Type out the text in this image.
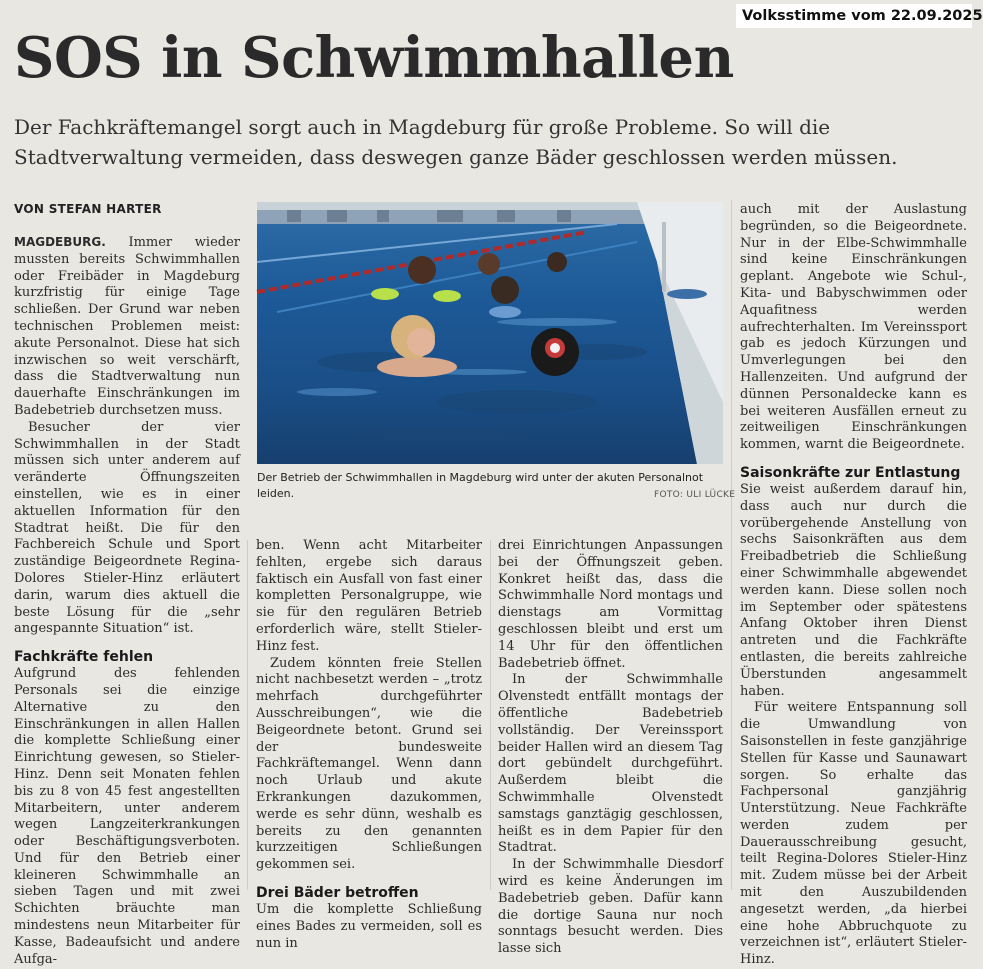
Volksstimme vom 22.09.2025
SOS in Schwimmhallen

Der Fachkräftemangel sorgt auch in Magdeburg für große Probleme. So will die Stadtverwaltung vermeiden, dass deswegen ganze Bäder geschlossen werden müssen.

VON STEFAN HARTER

MAGDEBURG. Immer wieder mussten bereits Schwimmhallen oder Freibäder in Magdeburg kurzfristig für einige Tage schließen. Der Grund war neben technischen Problemen meist: akute Personalnot. Diese hat sich inzwischen so weit verschärft, dass die Stadtverwaltung nun dauerhafte Einschränkungen im Badebetrieb durchsetzen muss.

Besucher der vier Schwimmhallen in der Stadt müssen sich unter anderem auf veränderte Öffnungszeiten einstellen, wie es in einer aktuellen Information für den Stadtrat heißt. Die für den Fachbereich Schule und Sport zuständige Beigeordnete Regina-Dolores Stieler-Hinz erläutert darin, warum dies aktuell die beste Lösung für die „sehr angespannte Situation“ ist.

Fachkräfte fehlen

Aufgrund des fehlenden Personals sei die einzige Alternative zu den Einschränkungen in allen Hallen die komplette Schließung einer Einrichtung gewesen, so Stieler-Hinz. Denn seit Monaten fehlen bis zu 8 von 45 fest angestellten Mitarbeitern, unter anderem wegen Langzeiterkrankungen oder Beschäftigungsverboten. Und für den Betrieb einer kleineren Schwimmhalle an sieben Tagen und mit zwei Schichten bräuchte man mindestens neun Mitarbeiter für Kasse, Badeaufsicht und andere Aufga-

Der Betrieb der Schwimmhallen in Magdeburg wird unter der akuten Personalnot leiden.	FOTO: ULI LÜCKE

ben. Wenn acht Mitarbeiter fehlten, ergebe sich daraus faktisch ein Ausfall von fast einer kompletten Personalgruppe, wie sie für den regulären Betrieb erforderlich wäre, stellt Stieler-Hinz fest.

Zudem könnten freie Stellen nicht nachbesetzt werden – „trotz mehrfach durchgeführter Ausschreibungen“, wie die Beigeordnete betont. Grund sei der bundesweite Fachkräftemangel. Wenn dann noch Urlaub und akute Erkrankungen dazukommen, werde es sehr dünn, weshalb es bereits zu den genannten kurzzeitigen Schließungen gekommen sei.

Drei Bäder betroffen

Um die komplette Schließung eines Bades zu vermeiden, soll es nun in

drei Einrichtungen Anpassungen bei der Öffnungszeit geben. Konkret heißt das, dass die Schwimmhalle Nord montags und dienstags am Vormittag geschlossen bleibt und erst um 14 Uhr für den öffentlichen Badebetrieb öffnet.

In der Schwimmhalle Olvenstedt entfällt montags der öffentliche Badebetrieb vollständig. Der Vereinssport beider Hallen wird an diesem Tag dort gebündelt durchgeführt. Außerdem bleibt die Schwimmhalle Olvenstedt samstags ganztägig geschlossen, heißt es in dem Papier für den Stadtrat.

In der Schwimmhalle Diesdorf wird es keine Änderungen im Badebetrieb geben. Dafür kann die dortige Sauna nur noch sonntags besucht werden. Dies lasse sich

auch mit der Auslastung begründen, so die Beigeordnete. Nur in der Elbe-Schwimmhalle sind keine Einschränkungen geplant. Angebote wie Schul-, Kita- und Babyschwimmen oder Aquafitness werden aufrechterhalten. Im Vereinssport gab es jedoch Kürzungen und Umverlegungen bei den Hallenzeiten. Und aufgrund der dünnen Personaldecke kann es bei weiteren Ausfällen erneut zu zeitweiligen Einschränkungen kommen, warnt die Beigeordnete.

Saisonkräfte zur Entlastung

Sie weist außerdem darauf hin, dass auch nur durch die vorübergehende Anstellung von sechs Saisonkräften aus dem Freibadbetrieb die Schließung einer Schwimmhalle abgewendet werden kann. Diese sollen noch im September oder spätestens Anfang Oktober ihren Dienst antreten und die Fachkräfte entlasten, die bereits zahlreiche Überstunden angesammelt haben.

Für weitere Entspannung soll die Umwandlung von Saisonstellen in feste ganzjährige Stellen für Kasse und Saunawart sorgen. So erhalte das Fachpersonal ganzjährig Unterstützung. Neue Fachkräfte werden zudem per Dauerausschreibung gesucht, teilt Regina-Dolores Stieler-Hinz mit. Zudem müsse bei der Arbeit mit den Auszubildenden angesetzt werden, „da hierbei eine hohe Abbruchquote zu verzeichnen ist“, erläutert Stieler-Hinz.
